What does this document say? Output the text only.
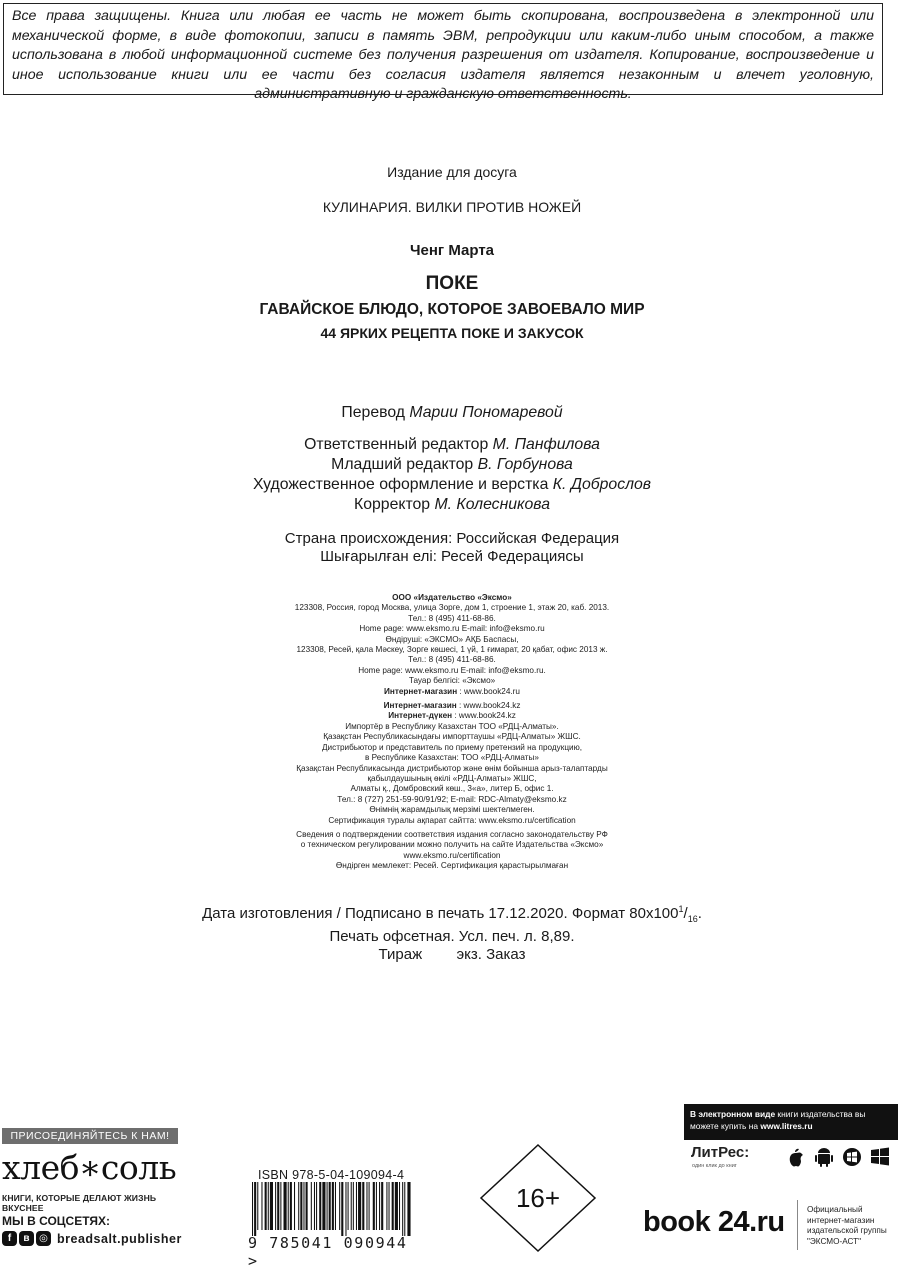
Все права защищены. Книга или любая ее часть не может быть скопирована, воспроизведена в электронной или механической форме, в виде фотокопии, записи в память ЭВМ, репродукции или каким-либо иным способом, а также использована в любой информационной системе без получения разрешения от издателя. Копирование, воспроизведение и иное использование книги или ее части без согласия издателя является незаконным и влечет уголовную, административную и гражданскую ответственность.
Издание для досуга
КУЛИНАРИЯ. ВИЛКИ ПРОТИВ НОЖЕЙ
Ченг Марта
ПОКЕ
ГАВАЙСКОЕ БЛЮДО, КОТОРОЕ ЗАВОЕВАЛО МИР
44 ЯРКИХ РЕЦЕПТА ПОКЕ И ЗАКУСОК
Перевод Марии Пономаревой
Ответственный редактор М. Панфилова
Младший редактор В. Горбунова
Художественное оформление и верстка К. Доброслов
Корректор М. Колесникова
Страна происхождения: Российская Федерация
Шығарылған елі: Ресей Федерациясы
ООО «Издательство «Эксмо»
123308, Россия, город Москва, улица Зорге, дом 1, строение 1, этаж 20, каб. 2013.
Тел.: 8 (495) 411-68-86.
Home page: www.eksmo.ru E-mail: info@eksmo.ru
Өндіруші: «ЭКСМО» АҚБ Баспасы,
123308, Ресей, қала Мәскеу, Зорге көшесі, 1 үй, 1 ғимарат, 20 қабат, офис 2013 ж.
Тел.: 8 (495) 411-68-86.
Home page: www.eksmo.ru E-mail: info@eksmo.ru.
Тауар белгісі: «Эксмо»
Интернет-магазин : www.book24.ru
Интернет-магазин : www.book24.kz
Интернет-дүкен : www.book24.kz
Импортёр в Республику Казахстан ТОО «РДЦ-Алматы».
Қазақстан Республикасындағы импорттаушы «РДЦ-Алматы» ЖШС.
Дистрибьютор и представитель по приему претензий на продукцию,
в Республике Казахстан: ТОО «РДЦ-Алматы»
Қазақстан Республикасында дистрибьютор және өнім бойынша арыз-талаптарды
қабылдаушының өкілі «РДЦ-Алматы» ЖШС,
Алматы қ., Домбровский көш., 3«а», литер Б, офис 1.
Тел.: 8 (727) 251-59-90/91/92; E-mail: RDC-Almaty@eksmo.kz
Өнімнің жарамдылық мерзімі шектелмеген.
Сертификация туралы ақпарат сайтта: www.eksmo.ru/certification
Сведения о подтверждении соответствия издания согласно законодательству РФ
о техническом регулировании можно получить на сайте Издательства «Эксмо»
www.eksmo.ru/certification
Өндірген мемлекет: Ресей. Сертификация қарастырылмаған
Дата изготовления / Подписано в печать 17.12.2020. Формат $80x100^1/_{16}$.
Печать офсетная. Усл. печ. л. 8,89.
Тираж экз. Заказ
ПРИСОЕДИНЯЙТЕСЬ К НАМ!
хлеб∗соль
КНИГИ, КОТОРЫЕ ДЕЛАЮТ ЖИЗНЬ ВКУСНЕЕ
МЫ В СОЦСЕТЯХ:
f	в ◎ breadsalt.publisher
ISBN 978-5-04-109094-4
9 785041 090944 >
16+
В электронном виде книги издательства вы можете купить на www.litres.ru
ЛитРес:
один клик до книг
book 24.ru	Официальный
интернет-магазин
издательской группы
"ЭКСМО-АСТ"
